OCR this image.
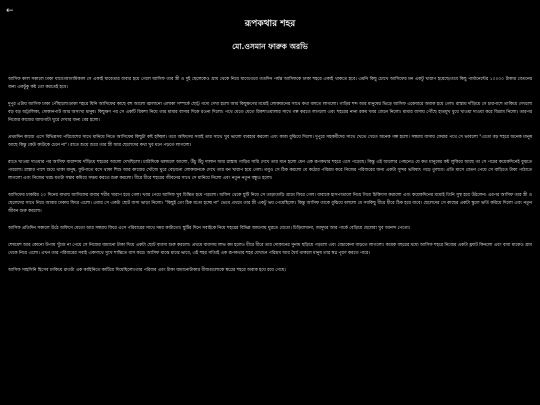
←
রূপকথার শহর
মো.ওসমান ফারুক অরভি

আসিফ কাল সকালে ঢাকা যাবে।আগামিকাল সে একাই যাবেতার বাবার হয়ে গেলে আসিফ তার স্ত্রী ও দুই ছেলেকেও গ্রাম থেকে নিয়ে যাবে।তবে ততদিন পর্যন্ত আসিফকে ঢাকা শহরে একাই থাকতে হবে। এমনি কিছু চোখে আসিফের মন একটু খারাপ হয়েছে।তবে কিছু পার্মানেন্টের ১০০০০ টাকার বেতনের জন্য একটুকু কষ্ট তো করতেই হবে।

দুপুর এটায় আসিফ ঢাকা পৌঁছালো।ঢাকা শহরে যিনি আসিফের কাছে বহু আলো জ্বালানো এলাকা সম্পর্কে ছোট্ট গদ্যে দেখা হলো আর কিছুক্ষণের মধ্যেই লোকজনের সাথে কথা বলতে লাগলো। গাড়ির শব্দ আর মানুষের ভিড়ে আসিফ একেবারে অবাক হয়ে গেল। রাস্তায় দাঁড়িয়ে সে চারপাশে তাকিয়ে দেখলো বড় বড় অট্টালিকা, দোকানপাট আর অসংখ্য মানুষ। কিছুক্ষণ পর সে একটি রিকশা নিয়ে তার মামার বাসার দিকে রওনা দিলো। পথে যেতে যেতে রিকশাওয়ালার সাথে গল্প করতে লাগলো এবং শহরের নানা রকম খবর জেনে নিলো। মামার বাসায় পৌঁছে হাতমুখ ধুয়ে খাওয়া দাওয়া করে বিশ্রাম নিলো। তারপর নিজের কাজের জায়গাটা ঘুরে দেখার জন্য বের হলো।

প্রথমদিন কাজে এসে বিভিন্নসব পরিবেশের সাথে মানিয়ে নিতে আসিফের কিছুটা কষ্ট হচ্ছিল। তবে অফিসের সবাই তার সাথে খুব ভালো ব্যবহার করলো এবং কাজ বুঝিয়ে দিলো। দুপুরে সহকর্মীদের সাথে খেতে খেতে অনেক গল্প হলো। সন্ধ্যায় বাসায় ফেরার পথে সে ভাবলো "এতো বড় শহরে অনেক মানুষ আছে কিন্তু কেউ কাউকে চেনে না"। রাতে শুয়ে শুয়ে তার স্ত্রী আর ছেলেদের কথা খুব মনে পড়তে লাগলো।

রাতে খাওয়া দাওয়ার পর আসিফ বারান্দায় দাঁড়িয়ে শহরের আলো দেখছিলো। চারিদিকে ঝলমলে আলো, উঁচু উঁচু দালান আর রাস্তায় গাড়ির সারি দেখে তার মনে হলো যেন এক রূপকথার শহরে এসে পড়েছে। কিন্তু এই আলোর পেছনেও যে কত মানুষের কষ্ট লুকিয়ে আছে তা সে পরের কয়েকদিনেই বুঝতে পারলো। রাস্তার পাশে শুয়ে থাকা মানুষ, ফুটপাতে বসে থাকা শিশু আর কাজের খোঁজে ঘুরে বেড়ানো লোকজনকে দেখে তার মন খারাপ হয়ে গেল। তবুও সে ঠিক করলো যে কঠোর পরিশ্রম করে নিজের পরিবারের জন্য একটা সুন্দর ভবিষ্যৎ গড়ে তুলবে। প্রতি মাসে বেতন পেয়ে সে বাড়িতে টাকা পাঠাতে লাগলো এবং নিজের খরচ যতটা সম্ভব কমিয়ে সঞ্চয় করতে শুরু করলো। ধীরে ধীরে শহরের জীবনের সাথে সে মানিয়ে নিলো এবং নতুন নতুন বন্ধুও হলো।

আসিফের চাকরির ২০ দিনের মাথায় আসিফের বাবার শরীর খারাপ হয়ে গেল। খবর পেয়ে আসিফ খুব চিন্তিত হয়ে পড়লো। অফিস থেকে ছুটি নিয়ে সে তাড়াতাড়ি গ্রামে ফিরে গেল। বাবাকে হাসপাতালে নিয়ে গিয়ে চিকিৎসা করালো এবং কয়েকদিনের মধ্যেই তিনি সুস্থ হয়ে উঠলেন। এরপর আসিফ তার স্ত্রী ও ছেলেদের সাথে নিয়ে আবার ঢাকায় ফিরে এলো। এবার সে একটা ছোট বাসা ভাড়া নিলো। "কিছুই তো ঠিক মতো হচ্ছে না" ভেবে প্রথমে তার স্ত্রী একটু ভয় পেয়েছিলো। কিন্তু আসিফ তাকে বুঝিয়ে বললো যে সবকিছু ধীরে ধীরে ঠিক হয়ে যাবে। ছেলেদের সে কাছের একটা স্কুলে ভর্তি করিয়ে দিলো এবং নতুন জীবন শুরু করলো।

আসিফ প্রতিদিন সকালে উঠে অফিসে যেতো আর সন্ধ্যায় ফিরে এসে পরিবারের সাথে সময় কাটাতো। ছুটির দিনে সবাইকে নিয়ে শহরের বিভিন্ন জায়গায় ঘুরতে যেতো। চিড়িয়াখানা, জাদুঘর আর পার্কে বেড়িয়ে ছেলেরা খুব আনন্দ পেতো।

শেষমেশ আর কোনো উপায় খুঁজে না পেয়ে সে নিজের জমানো টাকা দিয়ে একটা ছোট ব্যবসা শুরু করলো। প্রথমে ব্যবসায় লাভ কম হলেও ধীরে ধীরে তার দোকানের সুনাম ছড়িয়ে পড়লো এবং বেচাকেনা বাড়তে লাগলো। কয়েক বছরের মধ্যে আসিফ শহরে নিজের একটা ফ্ল্যাট কিনলো এবং বাবা মাকেও গ্রাম থেকে নিয়ে এলো। এখন তার পরিবারের সবাই একসাথে সুখে শান্তিতে বাস করে। আসিফ মাঝে মাঝে ভাবে, এই শহর সত্যিই এক রূপকথার শহর যেখানে পরিশ্রম আর ধৈর্য থাকলে মানুষ তার স্বপ্ন পূরণ করতে পারে।

আসিফ সাহসিনি হিসেব ঢাকিয়ে রাতটা এক কাহিনিতে কাটিয়ে দিয়েছিলো।তার পরিবার এবং টাকা জমানোটাকার বীজগুলোকে স্বপ্নের শহরে অবাক হয়ে রয়ে গেছে।
